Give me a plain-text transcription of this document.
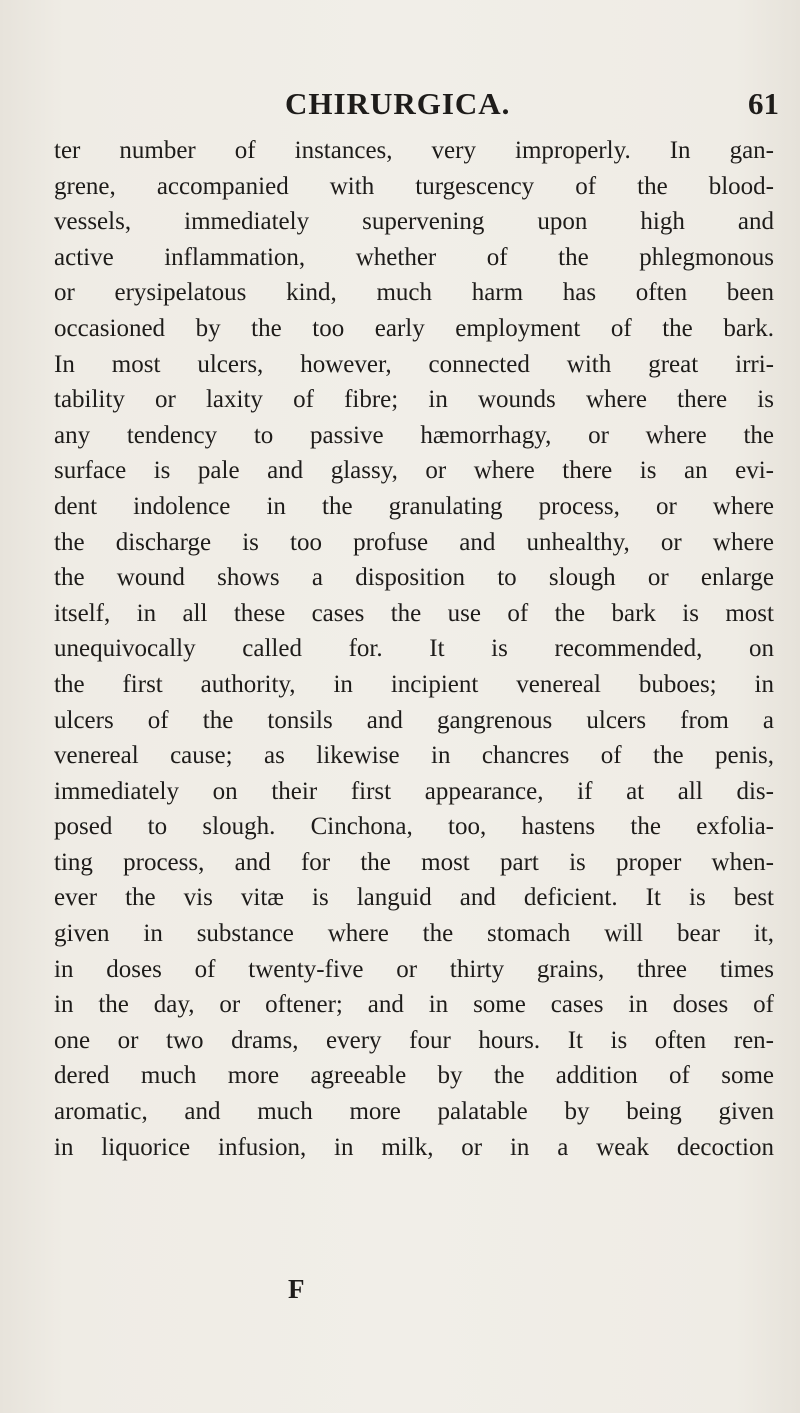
CHIRURGICA.	61
ter number of instances, very improperly. In gan-
grene, accompanied with turgescency of the blood-
vessels, immediately supervening upon high and
active inflammation, whether of the phlegmonous
or erysipelatous kind, much harm has often been
occasioned by the too early employment of the bark.
In most ulcers, however, connected with great irri-
tability or laxity of fibre; in wounds where there is
any tendency to passive hæmorrhagy, or where the
surface is pale and glassy, or where there is an evi-
dent indolence in the granulating process, or where
the discharge is too profuse and unhealthy, or where
the wound shows a disposition to slough or enlarge
itself, in all these cases the use of the bark is most
unequivocally called for. It is recommended, on
the first authority, in incipient venereal buboes; in
ulcers of the tonsils and gangrenous ulcers from a
venereal cause; as likewise in chancres of the penis,
immediately on their first appearance, if at all dis-
posed to slough. Cinchona, too, hastens the exfolia-
ting process, and for the most part is proper when-
ever the vis vitæ is languid and deficient. It is best
given in substance where the stomach will bear it,
in doses of twenty-five or thirty grains, three times
in the day, or oftener; and in some cases in doses of
one or two drams, every four hours. It is often ren-
dered much more agreeable by the addition of some
aromatic, and much more palatable by being given
in liquorice infusion, in milk, or in a weak decoction
F
